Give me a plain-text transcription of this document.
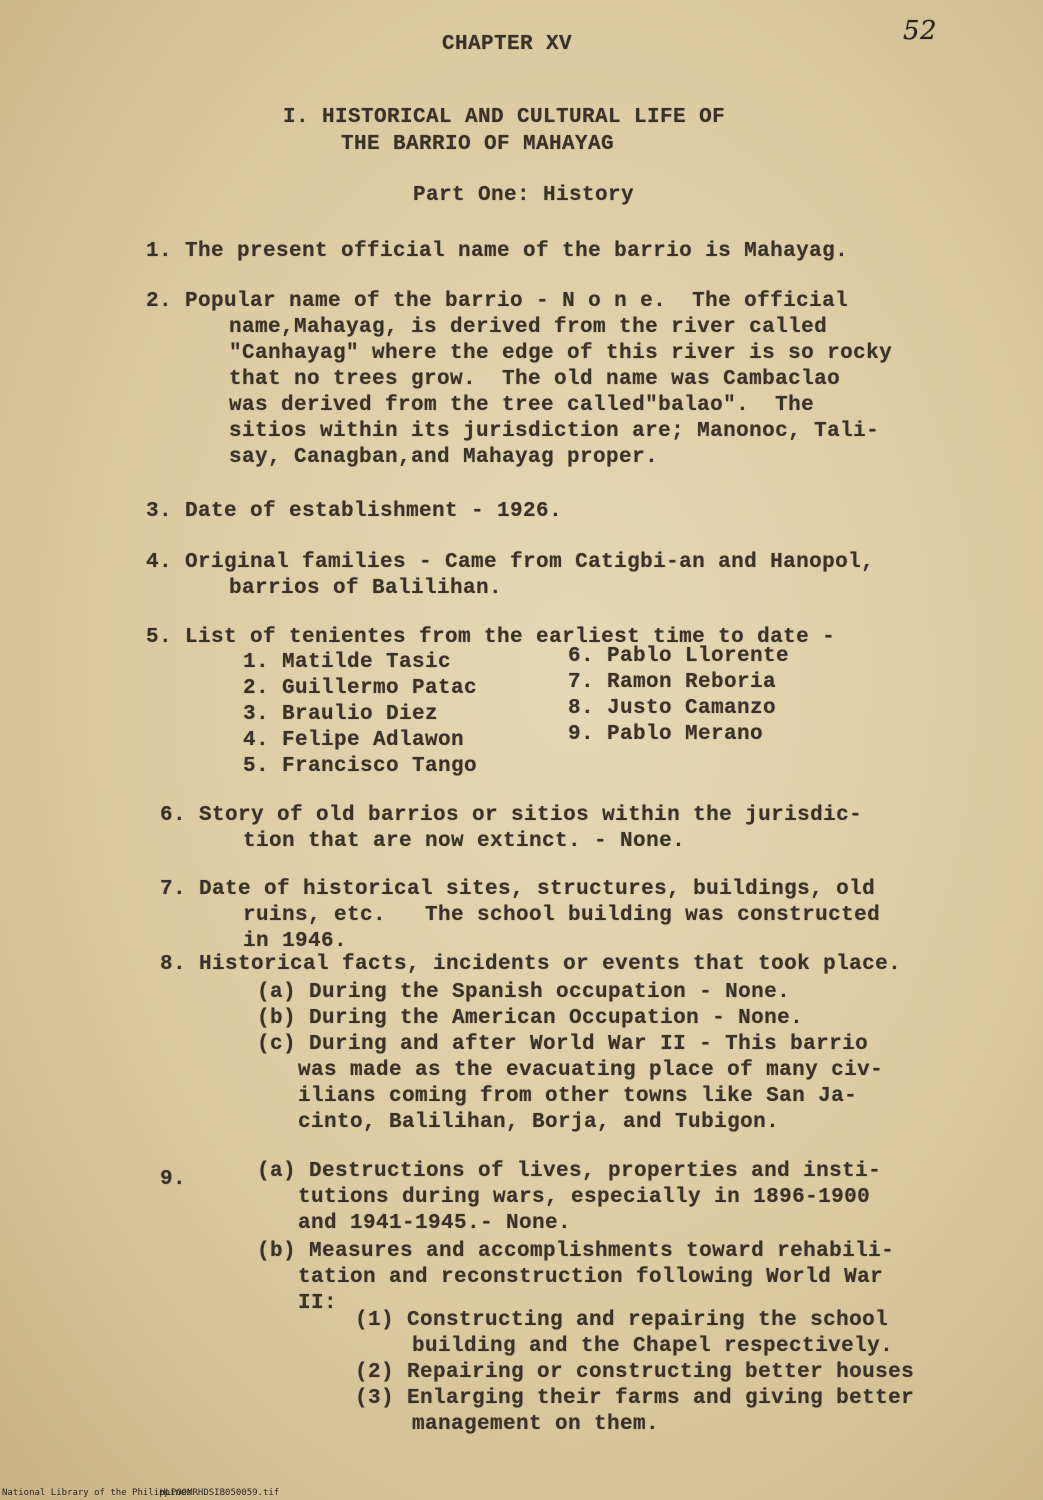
52
CHAPTER XV
I. HISTORICAL AND CULTURAL LIFE OF
THE BARRIO OF MAHAYAG
Part One: History
1. The present official name of the barrio is Mahayag.
2. Popular name of the barrio - N o n e.  The official
name,Mahayag, is derived from the river called
"Canhayag" where the edge of this river is so rocky
that no trees grow.  The old name was Cambaclao
was derived from the tree called"balao".  The
sitios within its jurisdiction are; Manonoc, Tali-
say, Canagban,and Mahayag proper.
3. Date of establishment - 1926.
4. Original families - Came from Catigbi-an and Hanopol,
barrios of Balilihan.
5. List of tenientes from the earliest time to date -
1. Matilde Tasic
2. Guillermo Patac
3. Braulio Diez
4. Felipe Adlawon
5. Francisco Tango
6. Pablo Llorente
7. Ramon Reboria
8. Justo Camanzo
9. Pablo Merano
6. Story of old barrios or sitios within the jurisdic-
tion that are now extinct. - None.
7. Date of historical sites, structures, buildings, old
ruins, etc.   The school building was constructed
in 1946.
8. Historical facts, incidents or events that took place.
(a) During the Spanish occupation - None.
(b) During the American Occupation - None.
(c) During and after World War II - This barrio
was made as the evacuating place of many civ-
ilians coming from other towns like San Ja-
cinto, Balilihan, Borja, and Tubigon.
9.	(a) Destructions of lives, properties and insti-
tutions during wars, especially in 1896-1900
and 1941-1945.- None.
(b) Measures and accomplishments toward rehabili-
tation and reconstruction following World War
II:
(1) Constructing and repairing the school
building and the Chapel respectively.
(2) Repairing or constructing better houses
(3) Enlarging their farms and giving better
management on them.
National Library of the Philippines
HLPOOMRHDSIB050059.tif
